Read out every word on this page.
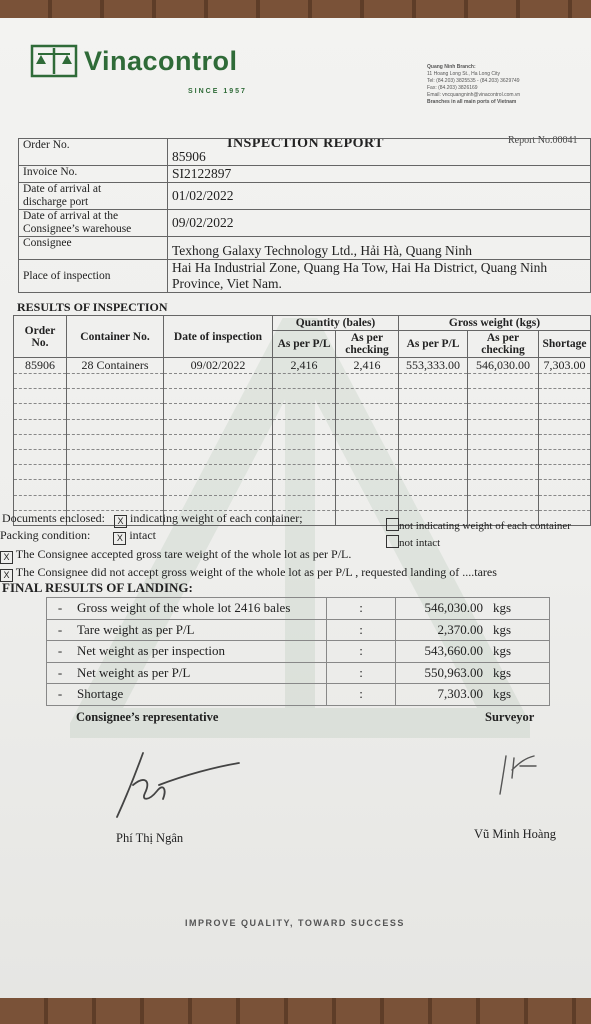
Vinacontrol
SINCE 1957
Quang Ninh Branch:
11 Hoang Long St., Ha Long City
Tel: (84.203) 3825535 - (84.203) 3629749
Fax: (84.203) 3826169
Email: vncquangninh@vinacontrol.com.vn
Branches in all main ports of Vietnam
INSPECTION REPORT	Report No.00041
Order No.	85906
Invoice No.	SI2122897

Date of arrival at
discharge port	01/02/2022

Date of arrival at the
Consignee’s warehouse	09/02/2022
Consignee	Texhong Galaxy Technology Ltd., Hải Hà, Quang Ninh
Place of inspection	Hai Ha Industrial Zone, Quang Ha Tow, Hai Ha District, Quang Ninh
Province, Viet Nam.
RESULTS OF INSPECTION
Order No.	Container No.	Date of inspection	Quantity (bales)		Gross weight (kgs)		
			As per P/L	As per checking	As per P/L	As per checking	Shortage
85906	28 Containers	09/02/2022	2,416	2,416	553,333.00	546,030.00	7,303.00

Documents enclosed: X indicating weight of each container;
not indicating weight of each container
Packing condition:	X intact
not intact
X The Consignee accepted gross tare weight of the whole lot as per P/L.
X The Consignee did not accept gross weight of the whole lot as per P/L , requested landing of ....tares
FINAL RESULTS OF LANDING:
-	Gross weight of the whole lot 2416 bales	:	546,030.00	kgs
-	Tare weight as per P/L	:	2,370.00	kgs
-	Net weight as per inspection	:	543,660.00	kgs
-	Net weight as per P/L	:	550,963.00	kgs
-	Shortage	:	7,303.00	kgs
Consignee’s representative	Surveyor
Phí Thị Ngân	Vũ Minh Hoàng
IMPROVE QUALITY, TOWARD SUCCESS
